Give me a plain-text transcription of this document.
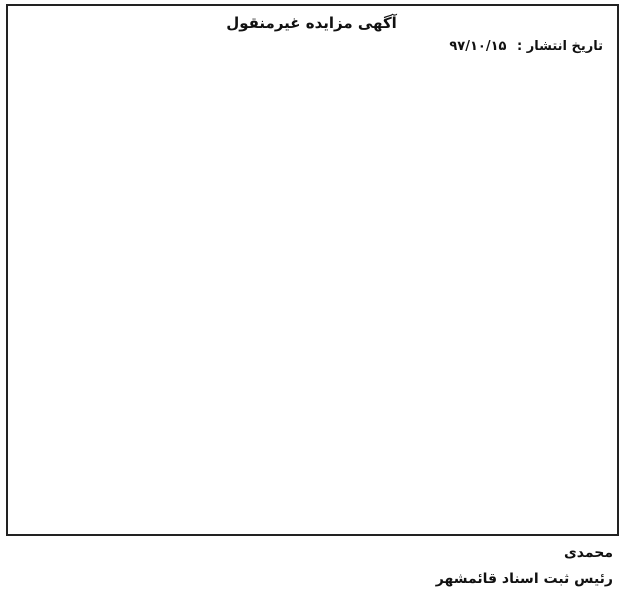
آگهی مزایده غیرمنقول

تاریخ انتشار : ۹۷/۱۰/۱۵
محمدی
رئیس ثبت اسناد قائمشهر
